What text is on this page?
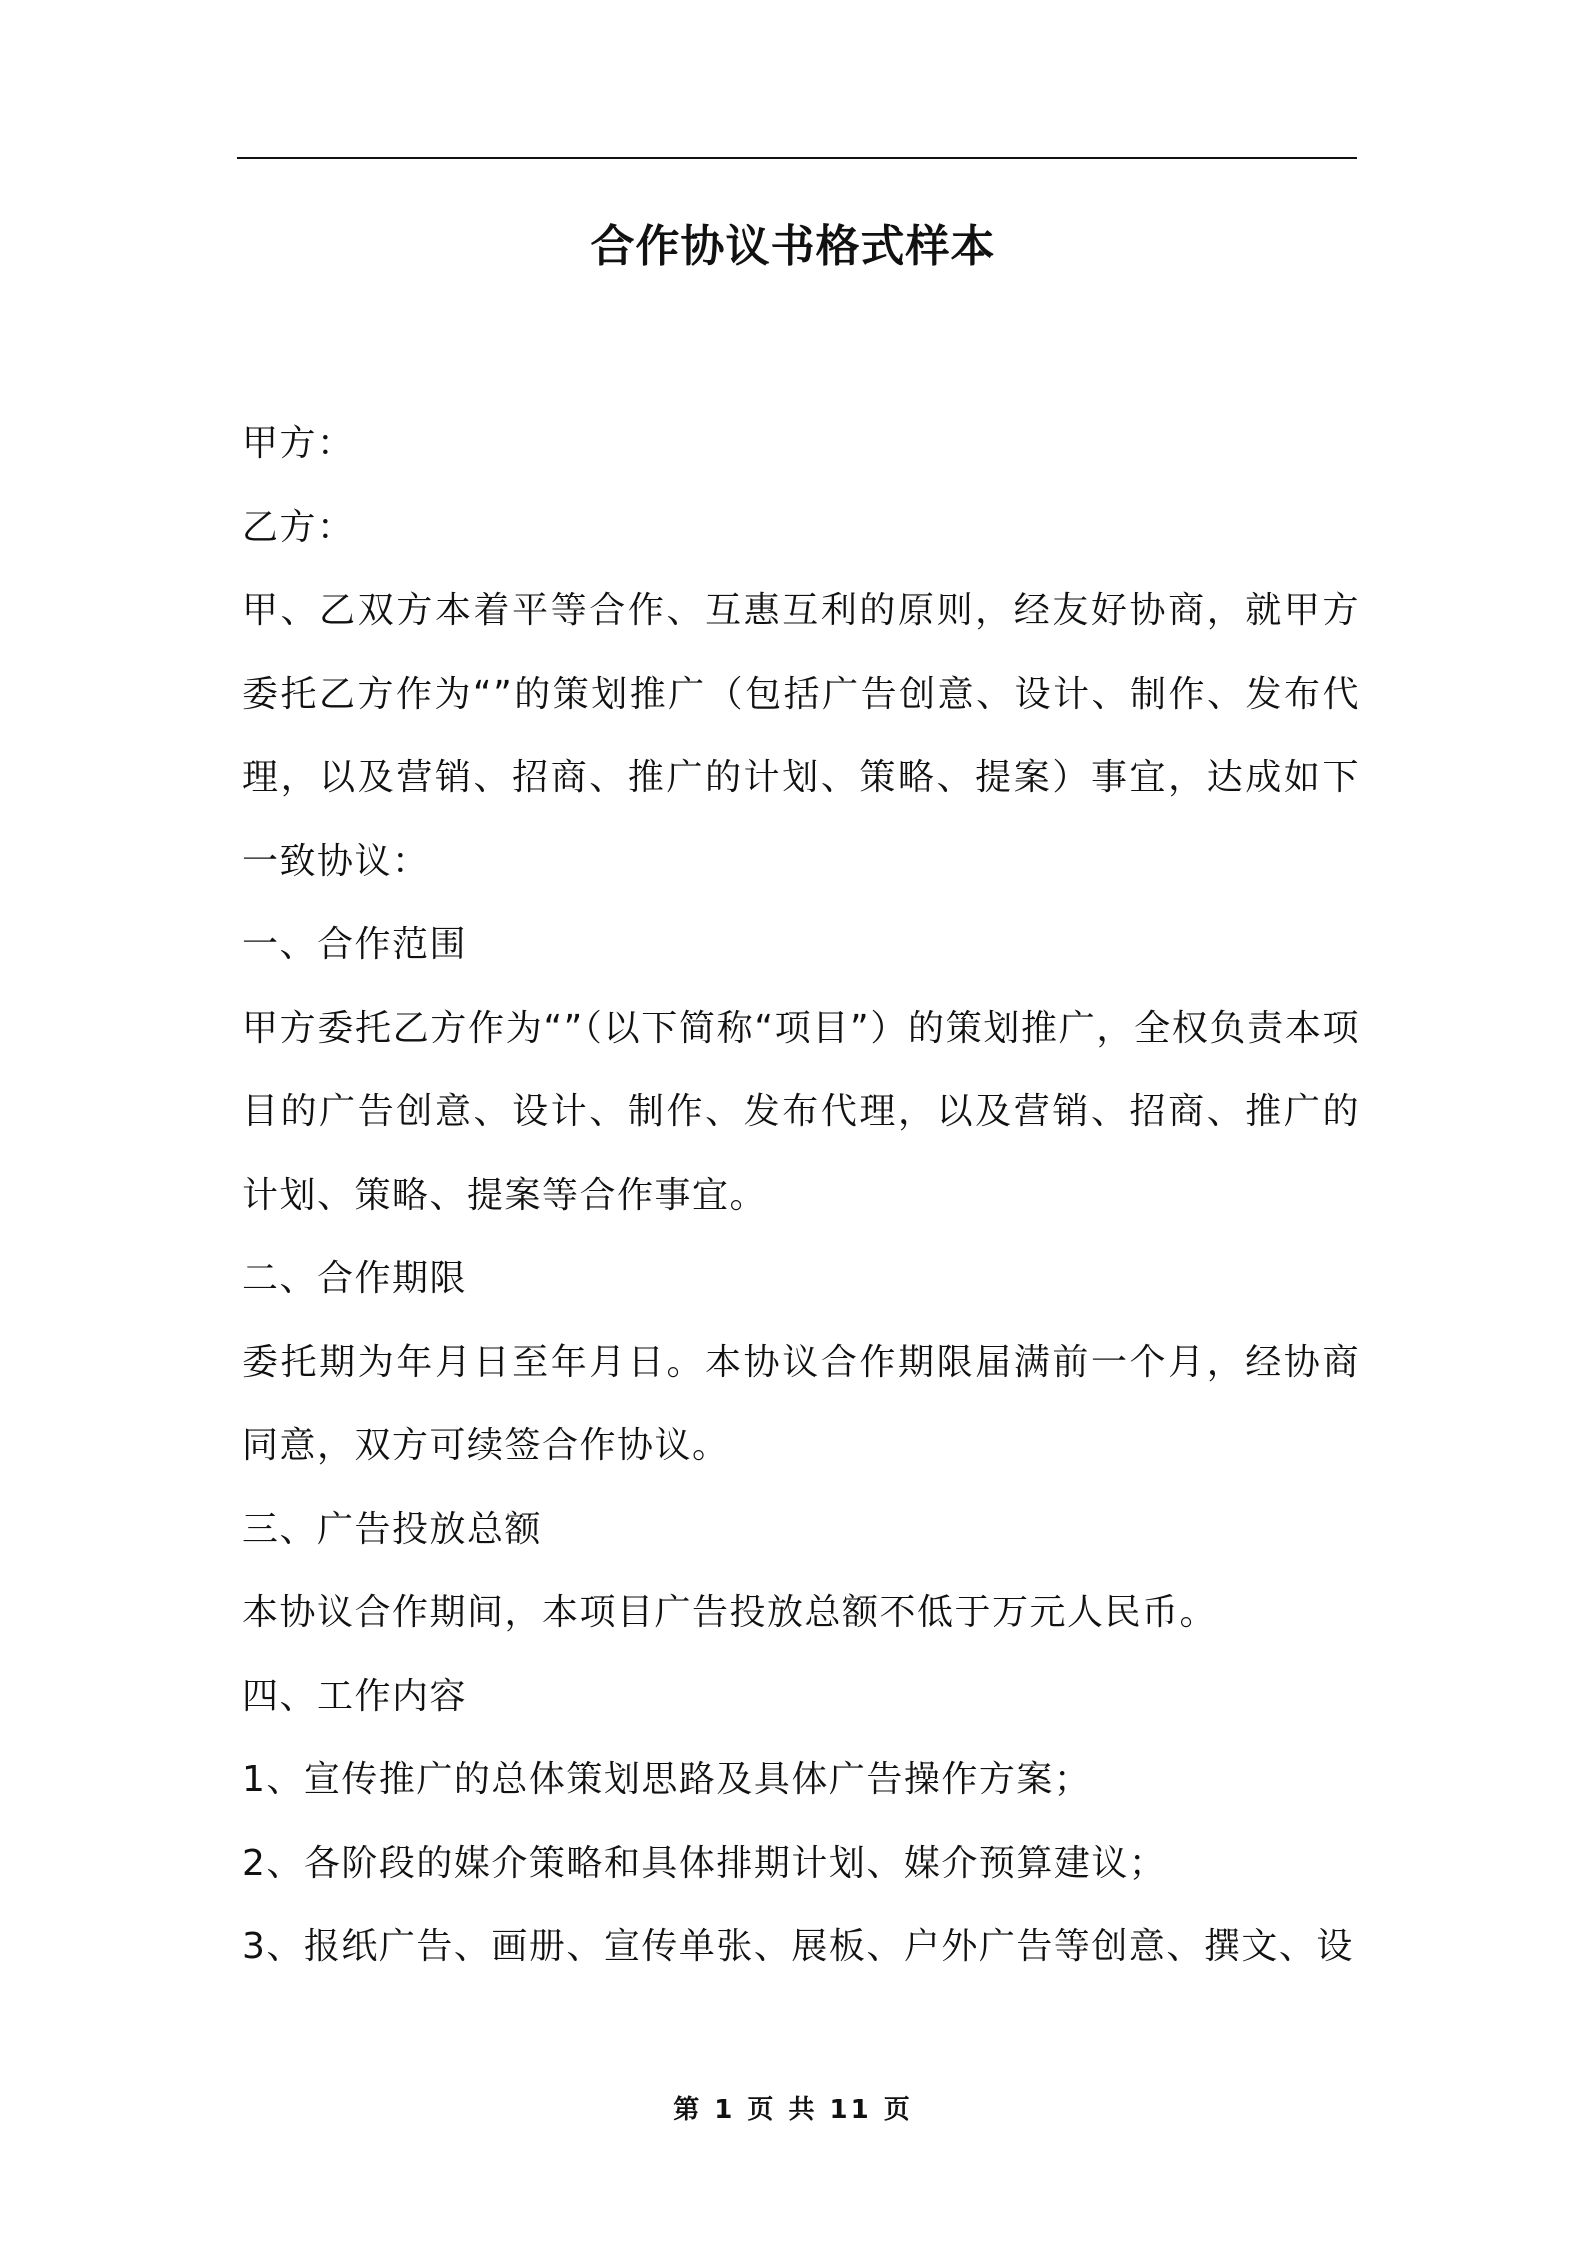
合作协议书格式样本

甲方：

乙方：

甲、乙双方本着平等合作、互惠互利的原则，经友好协商，就甲方委托乙方作为“”的策划推广（包括广告创意、设计、制作、发布代理，以及营销、招商、推广的计划、策略、提案）事宜，达成如下一致协议：

一、合作范围

甲方委托乙方作为“”（以下简称“项目”）的策划推广，全权负责本项目的广告创意、设计、制作、发布代理，以及营销、招商、推广的计划、策略、提案等合作事宜。

二、合作期限

委托期为年月日至年月日。本协议合作期限届满前一个月，经协商同意，双方可续签合作协议。

三、广告投放总额

本协议合作期间，本项目广告投放总额不低于万元人民币。

四、工作内容

1、宣传推广的总体策划思路及具体广告操作方案；

2、各阶段的媒介策略和具体排期计划、媒介预算建议；

3、报纸广告、画册、宣传单张、展板、户外广告等创意、撰文、设

第 1 页 共 11 页
